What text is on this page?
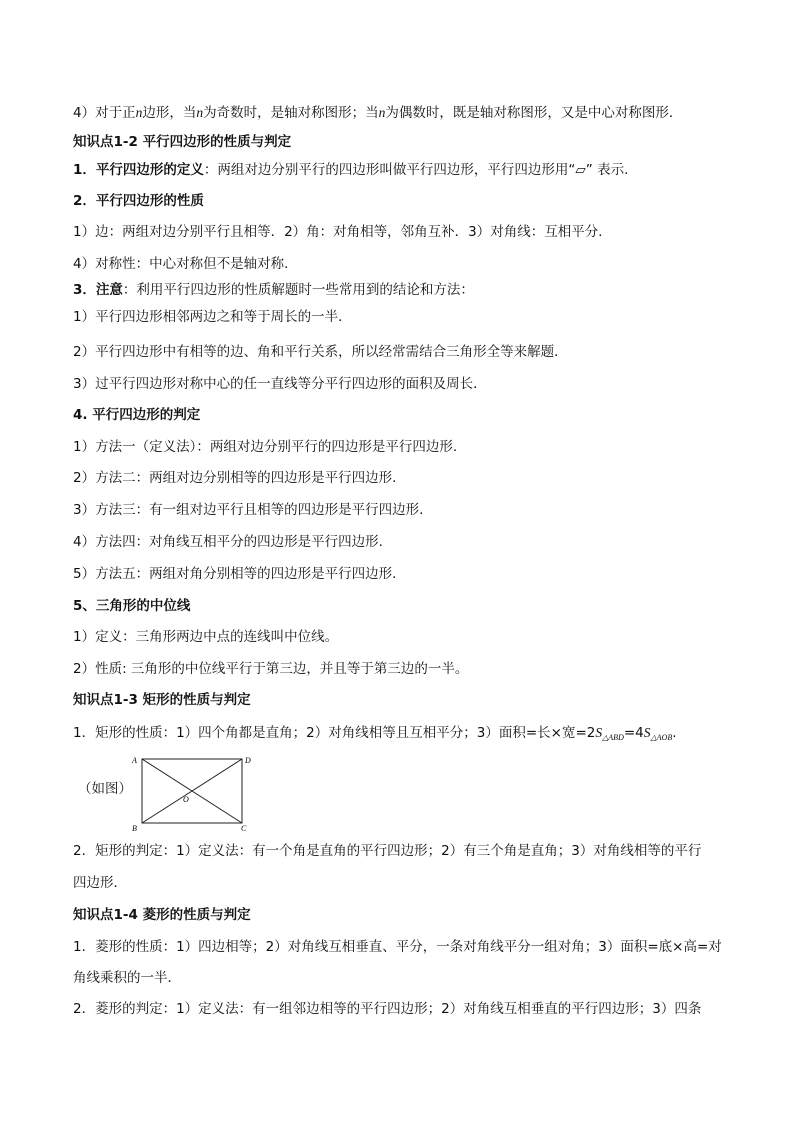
4）对于正n边形，当n为奇数时，是轴对称图形；当n为偶数时，既是轴对称图形，又是中心对称图形．
知识点1-2 平行四边形的性质与判定
1．平行四边形的定义：两组对边分别平行的四边形叫做平行四边形，平行四边形用“▱” 表示.
2．平行四边形的性质
1）边：两组对边分别平行且相等．2）角：对角相等，邻角互补．3）对角线：互相平分．
4）对称性：中心对称但不是轴对称．
3．注意：利用平行四边形的性质解题时一些常用到的结论和方法：
1）平行四边形相邻两边之和等于周长的一半．
2）平行四边形中有相等的边、角和平行关系，所以经常需结合三角形全等来解题．
3）过平行四边形对称中心的任一直线等分平行四边形的面积及周长．
4. 平行四边形的判定
1）方法一（定义法）：两组对边分别平行的四边形是平行四边形.
2）方法二：两组对边分别相等的四边形是平行四边形.
3）方法三：有一组对边平行且相等的四边形是平行四边形.
4）方法四：对角线互相平分的四边形是平行四边形.
5）方法五：两组对角分别相等的四边形是平行四边形．
5、三角形的中位线
1）定义：三角形两边中点的连线叫中位线。
2）性质: 三角形的中位线平行于第三边，并且等于第三边的一半。
知识点1-3 矩形的性质与判定
1．矩形的性质：1）四个角都是直角；2）对角线相等且互相平分；3）面积=长×宽$=2S_{\triangle ABD}=4S_{\triangle AOB}$.
（如图）
A	D
B	C
O
2．矩形的判定：1）定义法：有一个角是直角的平行四边形；2）有三个角是直角；3）对角线相等的平行
四边形．
知识点1-4 菱形的性质与判定
1．菱形的性质：1）四边相等；2）对角线互相垂直、平分，一条对角线平分一组对角；3）面积=底×高=对
角线乘积的一半．
2．菱形的判定：1）定义法：有一组邻边相等的平行四边形；2）对角线互相垂直的平行四边形；3）四条
